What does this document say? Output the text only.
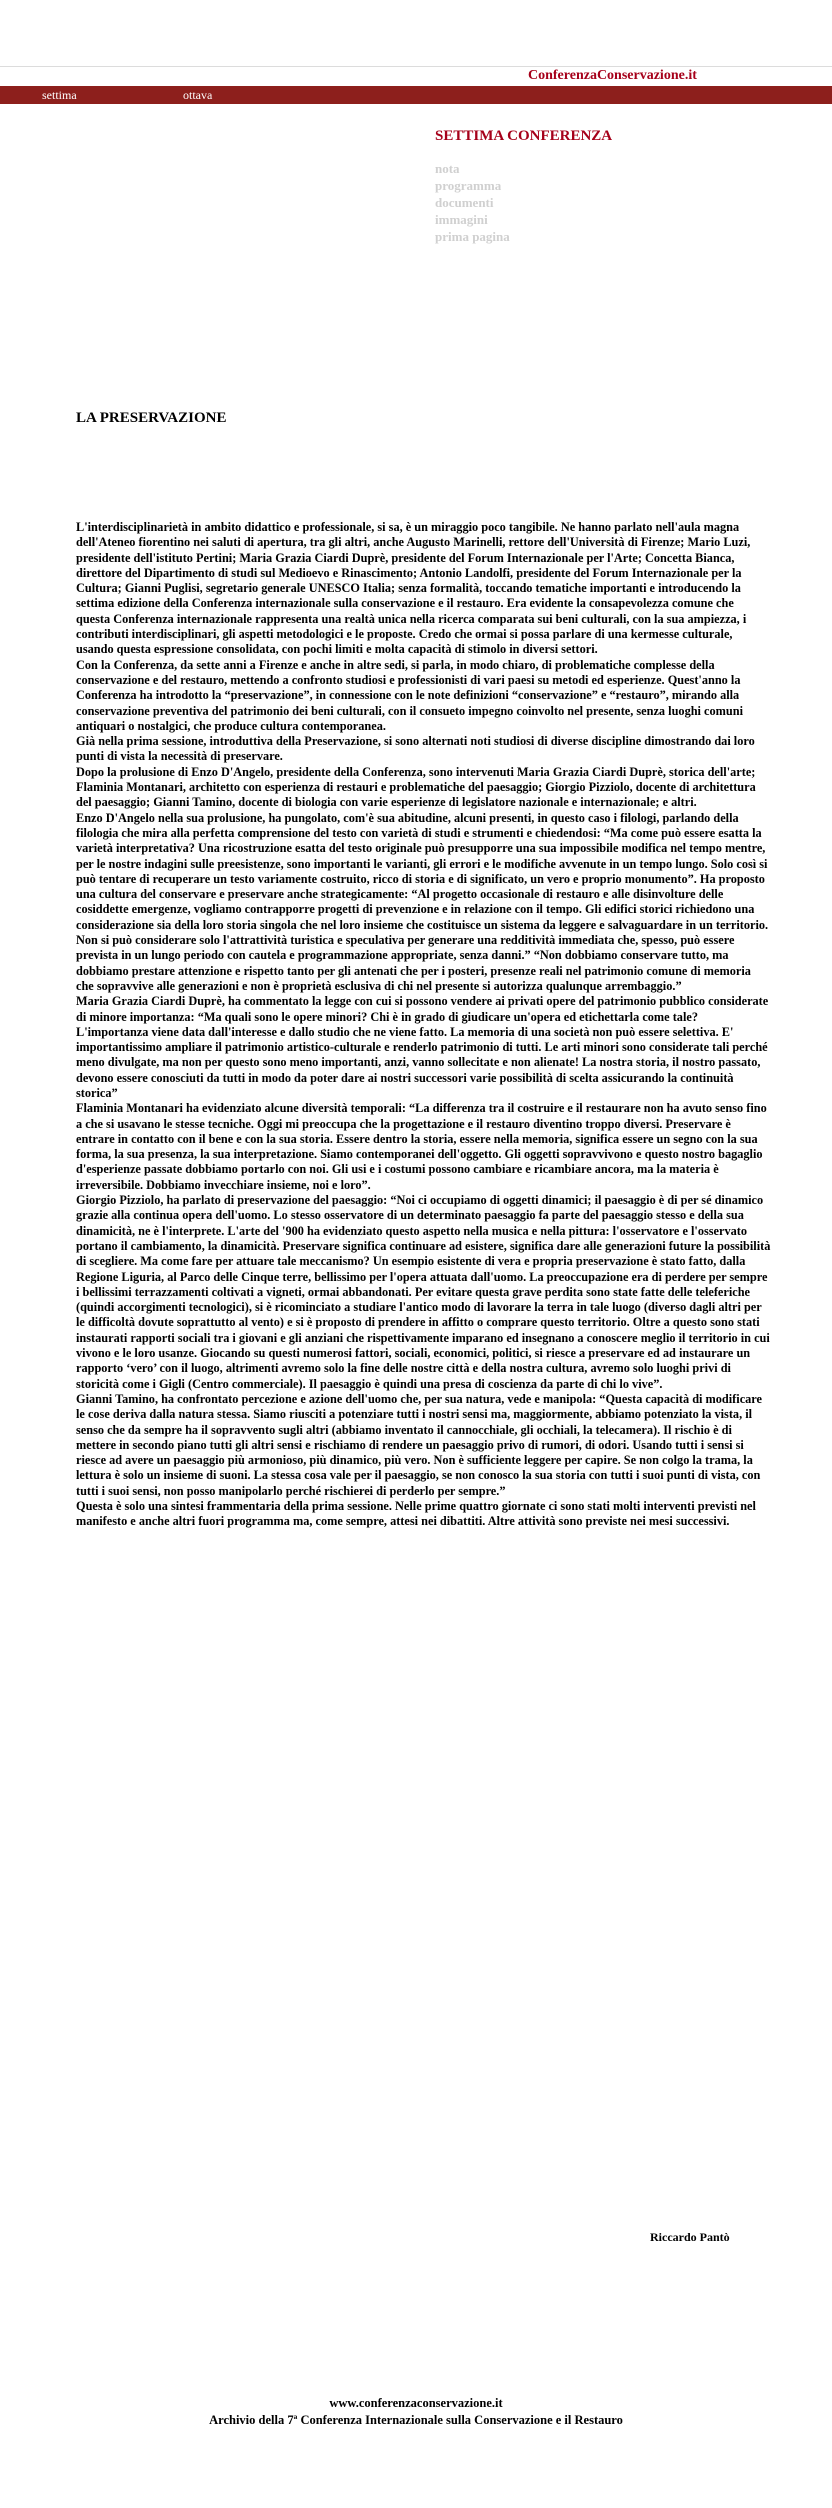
ConferenzaConservazione.it
settima	ottava
SETTIMA CONFERENZA
nota
programma
documenti
immagini
prima pagina
LA PRESERVAZIONE

L'interdisciplinarietà in ambito didattico e professionale, si sa, è un miraggio poco tangibile. Ne hanno parlato nell'aula magna dell'Ateneo fiorentino nei saluti di apertura, tra gli altri, anche Augusto Marinelli, rettore dell'Università di Firenze; Mario Luzi, presidente dell'istituto Pertini; Maria Grazia Ciardi Duprè, presidente del Forum Internazionale per l'Arte; Concetta Bianca, direttore del Dipartimento di studi sul Medioevo e Rinascimento; Antonio Landolfi, presidente del Forum Internazionale per la Cultura; Gianni Puglisi, segretario generale UNESCO Italia; senza formalità, toccando tematiche importanti e introducendo la settima edizione della Conferenza internazionale sulla conservazione e il restauro. Era evidente la consapevolezza comune che questa Conferenza internazionale rappresenta una realtà unica nella ricerca comparata sui beni culturali, con la sua ampiezza, i contributi interdisciplinari, gli aspetti metodologici e le proposte. Credo che ormai si possa parlare di una kermesse culturale, usando questa espressione consolidata, con pochi limiti e molta capacità di stimolo in diversi settori.

Con la Conferenza, da sette anni a Firenze e anche in altre sedi, si parla, in modo chiaro, di problematiche complesse della conservazione e del restauro, mettendo a confronto studiosi e professionisti di vari paesi su metodi ed esperienze. Quest'anno la Conferenza ha introdotto la “preservazione”, in connessione con le note definizioni “conservazione” e “restauro”, mirando alla conservazione preventiva del patrimonio dei beni culturali, con il consueto impegno coinvolto nel presente, senza luoghi comuni antiquari o nostalgici, che produce cultura contemporanea.

Già nella prima sessione, introduttiva della Preservazione, si sono alternati noti studiosi di diverse discipline dimostrando dai loro punti di vista la necessità di preservare.

Dopo la prolusione di Enzo D'Angelo, presidente della Conferenza, sono intervenuti Maria Grazia Ciardi Duprè, storica dell'arte; Flaminia Montanari, architetto con esperienza di restauri e problematiche del paesaggio; Giorgio Pizziolo, docente di architettura del paesaggio; Gianni Tamino, docente di biologia con varie esperienze di legislatore nazionale e internazionale; e altri.

Enzo D'Angelo nella sua prolusione, ha pungolato, com'è sua abitudine, alcuni presenti, in questo caso i filologi, parlando della filologia che mira alla perfetta comprensione del testo con varietà di studi e strumenti e chiedendosi: “Ma come può essere esatta la varietà interpretativa? Una ricostruzione esatta del testo originale può presupporre una sua impossibile modifica nel tempo mentre, per le nostre indagini sulle preesistenze, sono importanti le varianti, gli errori e le modifiche avvenute in un tempo lungo. Solo così si può tentare di recuperare un testo variamente costruito, ricco di storia e di significato, un vero e proprio monumento”. Ha proposto una cultura del conservare e preservare anche strategicamente: “Al progetto occasionale di restauro e alle disinvolture delle cosiddette emergenze, vogliamo contrapporre progetti di prevenzione e in relazione con il tempo. Gli edifici storici richiedono una considerazione sia della loro storia singola che nel loro insieme che costituisce un sistema da leggere e salvaguardare in un territorio. Non si può considerare solo l'attrattività turistica e speculativa per generare una redditività immediata che, spesso, può essere prevista in un lungo periodo con cautela e programmazione appropriate, senza danni.” “Non dobbiamo conservare tutto, ma dobbiamo prestare attenzione e rispetto tanto per gli antenati che per i posteri, presenze reali nel patrimonio comune di memoria che sopravvive alle generazioni e non è proprietà esclusiva di chi nel presente si autorizza qualunque arrembaggio.”

Maria Grazia Ciardi Duprè, ha commentato la legge con cui si possono vendere ai privati opere del patrimonio pubblico considerate di minore importanza: “Ma quali sono le opere minori? Chi è in grado di giudicare un'opera ed etichettarla come tale? L'importanza viene data dall'interesse e dallo studio che ne viene fatto. La memoria di una società non può essere selettiva. E' importantissimo ampliare il patrimonio artistico-culturale e renderlo patrimonio di tutti. Le arti minori sono considerate tali perché meno divulgate, ma non per questo sono meno importanti, anzi, vanno sollecitate e non alienate! La nostra storia, il nostro passato, devono essere conosciuti da tutti in modo da poter dare ai nostri successori varie possibilità di scelta assicurando la continuità storica”

Flaminia Montanari ha evidenziato alcune diversità temporali: “La differenza tra il costruire e il restaurare non ha avuto senso fino a che si usavano le stesse tecniche. Oggi mi preoccupa che la progettazione e il restauro diventino troppo diversi. Preservare è entrare in contatto con il bene e con la sua storia. Essere dentro la storia, essere nella memoria, significa essere un segno con la sua forma, la sua presenza, la sua interpretazione. Siamo contemporanei dell'oggetto. Gli oggetti sopravvivono e questo nostro bagaglio d'esperienze passate dobbiamo portarlo con noi. Gli usi e i costumi possono cambiare e ricambiare ancora, ma la materia è irreversibile. Dobbiamo invecchiare insieme, noi e loro”.

Giorgio Pizziolo, ha parlato di preservazione del paesaggio: “Noi ci occupiamo di oggetti dinamici; il paesaggio è di per sé dinamico grazie alla continua opera dell'uomo. Lo stesso osservatore di un determinato paesaggio fa parte del paesaggio stesso e della sua dinamicità, ne è l'interprete. L'arte del '900 ha evidenziato questo aspetto nella musica e nella pittura: l'osservatore e l'osservato portano il cambiamento, la dinamicità. Preservare significa continuare ad esistere, significa dare alle generazioni future la possibilità di scegliere. Ma come fare per attuare tale meccanismo? Un esempio esistente di vera e propria preservazione è stato fatto, dalla Regione Liguria, al Parco delle Cinque terre, bellissimo per l'opera attuata dall'uomo. La preoccupazione era di perdere per sempre i bellissimi terrazzamenti coltivati a vigneti, ormai abbandonati. Per evitare questa grave perdita sono state fatte delle teleferiche (quindi accorgimenti tecnologici), si è ricominciato a studiare l'antico modo di lavorare la terra in tale luogo (diverso dagli altri per le difficoltà dovute soprattutto al vento) e si è proposto di prendere in affitto o comprare questo territorio. Oltre a questo sono stati instaurati rapporti sociali tra i giovani e gli anziani che rispettivamente imparano ed insegnano a conoscere meglio il territorio in cui vivono e le loro usanze. Giocando su questi numerosi fattori, sociali, economici, politici, si riesce a preservare ed ad instaurare un rapporto ‘vero’ con il luogo, altrimenti avremo solo la fine delle nostre città e della nostra cultura, avremo solo luoghi privi di storicità come i Gigli (Centro commerciale). Il paesaggio è quindi una presa di coscienza da parte di chi lo vive”.

Gianni Tamino, ha confrontato percezione e azione dell'uomo che, per sua natura, vede e manipola: “Questa capacità di modificare le cose deriva dalla natura stessa. Siamo riusciti a potenziare tutti i nostri sensi ma, maggiormente, abbiamo potenziato la vista, il senso che da sempre ha il sopravvento sugli altri (abbiamo inventato il cannocchiale, gli occhiali, la telecamera). Il rischio è di mettere in secondo piano tutti gli altri sensi e rischiamo di rendere un paesaggio privo di rumori, di odori. Usando tutti i sensi si riesce ad avere un paesaggio più armonioso, più dinamico, più vero. Non è sufficiente leggere per capire. Se non colgo la trama, la lettura è solo un insieme di suoni. La stessa cosa vale per il paesaggio, se non conosco la sua storia con tutti i suoi punti di vista, con tutti i suoi sensi, non posso manipolarlo perché rischierei di perderlo per sempre.”

Questa è solo una sintesi frammentaria della prima sessione. Nelle prime quattro giornate ci sono stati molti interventi previsti nel manifesto e anche altri fuori programma ma, come sempre, attesi nei dibattiti. Altre attività sono previste nei mesi successivi.

Riccardo Pantò
www.conferenzaconservazione.it
Archivio della 7ª Conferenza Internazionale sulla Conservazione e il Restauro
